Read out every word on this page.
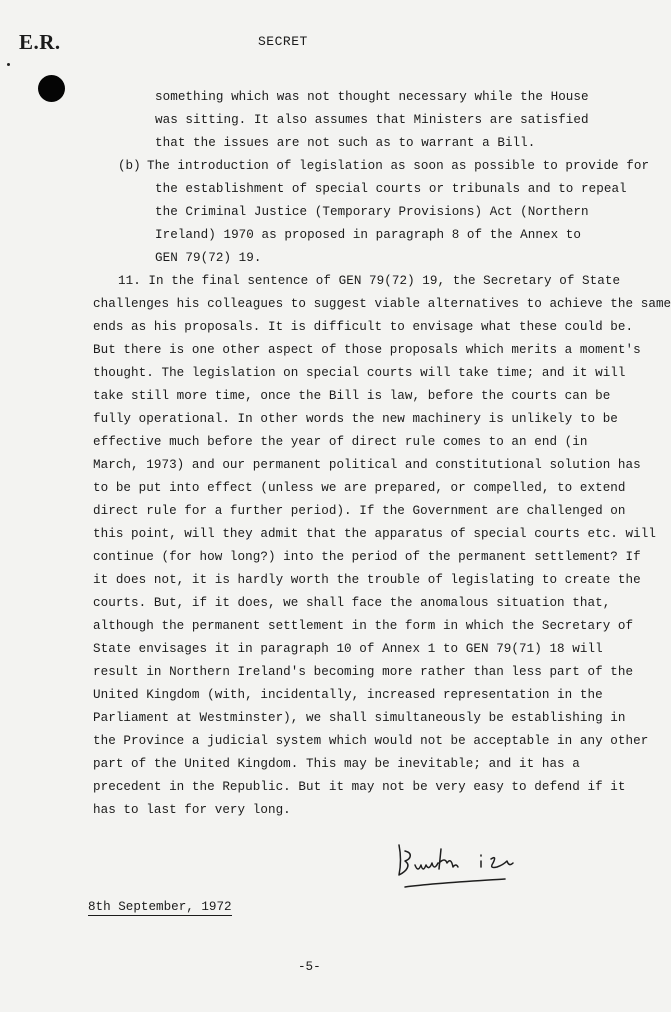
E.R.	SECRET

something which was not thought necessary while the House

was sitting. It also assumes that Ministers are satisfied

that the issues are not such as to warrant a Bill.

(b) The introduction of legislation as soon as possible to provide for

the establishment of special courts or tribunals and to repeal

the Criminal Justice (Temporary Provisions) Act (Northern

Ireland) 1970 as proposed in paragraph 8 of the Annex to

GEN 79(72) 19.

11. In the final sentence of GEN 79(72) 19, the Secretary of State

challenges his colleagues to suggest viable alternatives to achieve the same

ends as his proposals. It is difficult to envisage what these could be.

But there is one other aspect of those proposals which merits a moment's

thought. The legislation on special courts will take time; and it will

take still more time, once the Bill is law, before the courts can be

fully operational. In other words the new machinery is unlikely to be

effective much before the year of direct rule comes to an end (in

March, 1973) and our permanent political and constitutional solution has

to be put into effect (unless we are prepared, or compelled, to extend

direct rule for a further period). If the Government are challenged on

this point, will they admit that the apparatus of special courts etc. will

continue (for how long?) into the period of the permanent settlement? If

it does not, it is hardly worth the trouble of legislating to create the

courts. But, if it does, we shall face the anomalous situation that,

although the permanent settlement in the form in which the Secretary of

State envisages it in paragraph 10 of Annex 1 to GEN 79(71) 18 will

result in Northern Ireland's becoming more rather than less part of the

United Kingdom (with, incidentally, increased representation in the

Parliament at Westminster), we shall simultaneously be establishing in

the Province a judicial system which would not be acceptable in any other

part of the United Kingdom. This may be inevitable; and it has a

precedent in the Republic. But it may not be very easy to defend if it

has to last for very long.

8th September, 1972
-5-
